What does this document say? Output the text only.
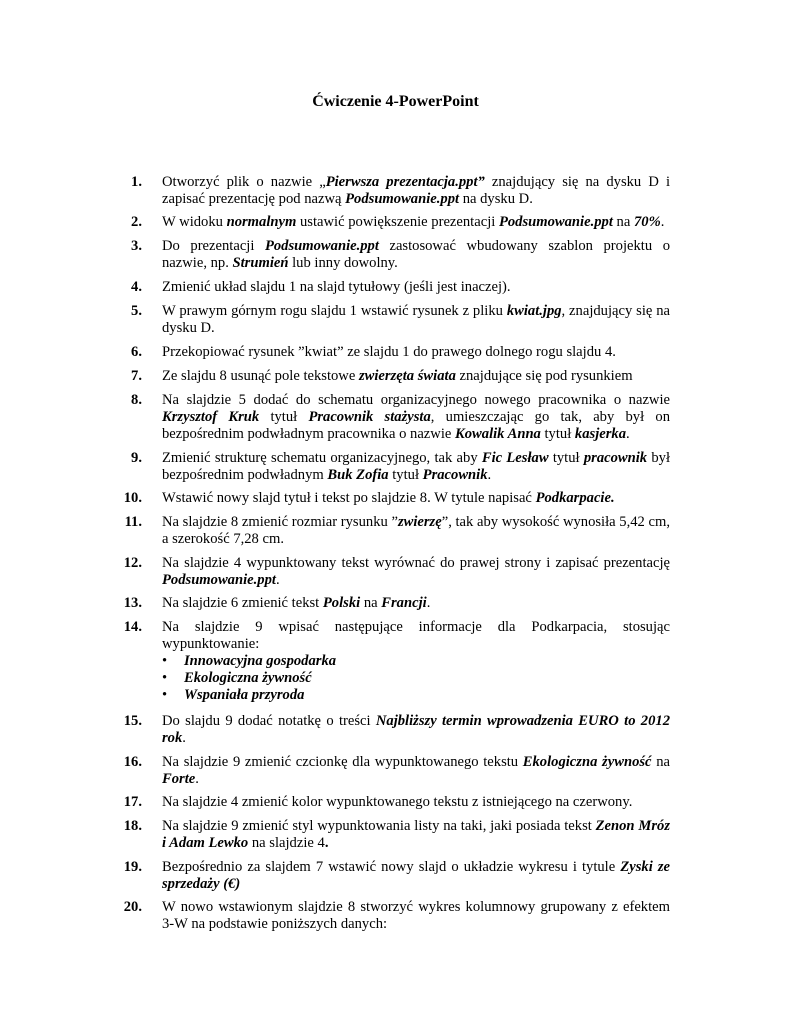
Ćwiczenie 4-PowerPoint
1. Otworzyć plik o nazwie „Pierwsza prezentacja.ppt” znajdujący się na dysku D i zapisać prezentację pod nazwą Podsumowanie.ppt na dysku D.
2. W widoku normalnym ustawić powiększenie prezentacji Podsumowanie.ppt na 70%.
3. Do prezentacji Podsumowanie.ppt zastosować wbudowany szablon projektu o nazwie, np. Strumień lub inny dowolny.
4. Zmienić układ slajdu 1 na slajd tytułowy (jeśli jest inaczej).
5. W prawym górnym rogu slajdu 1 wstawić rysunek z pliku kwiat.jpg, znajdujący się na dysku D.
6. Przekopiować rysunek ”kwiat” ze slajdu 1 do prawego dolnego rogu slajdu 4.
7. Ze slajdu 8 usunąć pole tekstowe zwierzęta świata znajdujące się pod rysunkiem
8. Na slajdzie 5 dodać do schematu organizacyjnego nowego pracownika o nazwie Krzysztof Kruk tytuł Pracownik stażysta, umieszczając go tak, aby był on bezpośrednim podwładnym pracownika o nazwie Kowalik Anna tytuł kasjerka.
9. Zmienić strukturę schematu organizacyjnego, tak aby Fic Lesław tytuł pracownik był bezpośrednim podwładnym Buk Zofia tytuł Pracownik.
10. Wstawić nowy slajd tytuł i tekst po slajdzie 8. W tytule napisać Podkarpacie.
11. Na slajdzie 8 zmienić rozmiar rysunku ”zwierzę”, tak aby wysokość wynosiła 5,42 cm, a szerokość 7,28 cm.
12. Na slajdzie 4 wypunktowany tekst wyrównać do prawej strony i zapisać prezentację Podsumowanie.ppt.
13. Na slajdzie 6 zmienić tekst Polski na Francji.
14. Na slajdzie 9 wpisać następujące informacje dla Podkarpacia, stosując wypunktowanie:
• Innowacyjna gospodarka
• Ekologiczna żywność
• Wspaniała przyroda
15. Do slajdu 9 dodać notatkę o treści Najbliższy termin wprowadzenia EURO to 2012 rok.
16. Na slajdzie 9 zmienić czcionkę dla wypunktowanego tekstu Ekologiczna żywność na Forte.
17. Na slajdzie 4 zmienić kolor wypunktowanego tekstu z istniejącego na czerwony.
18. Na slajdzie 9 zmienić styl wypunktowania listy na taki, jaki posiada tekst Zenon Mróz i Adam Lewko na slajdzie 4.
19. Bezpośrednio za slajdem 7 wstawić nowy slajd o układzie wykresu i tytule Zyski ze sprzedaży (€)
20. W nowo wstawionym slajdzie 8 stworzyć wykres kolumnowy grupowany z efektem 3-W na podstawie poniższych danych:
